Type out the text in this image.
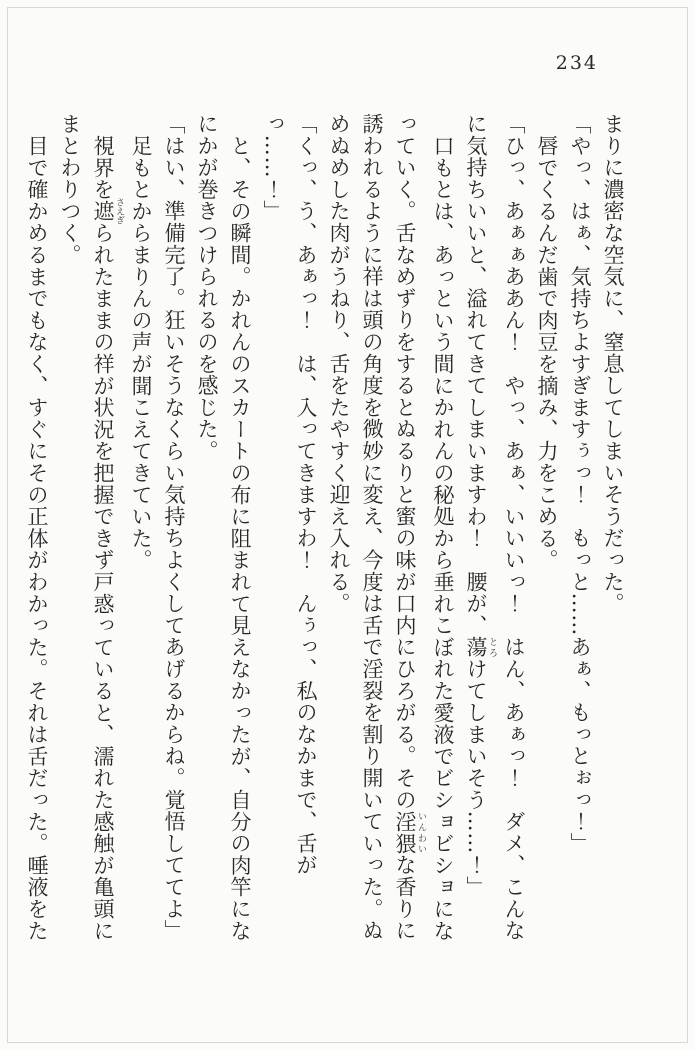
234
まりに濃密な空気に、窒息してしまいそうだった。
「やっ、はぁ、気持ちよすぎますぅっ！　もっと……あぁ、もっとぉっ！」
唇でくるんだ歯で肉豆を摘み、力をこめる。
「ひっ、あぁぁああん！　やっ、あぁ、いいいっ！　はん、あぁっ！　ダメ、こんな
に気持ちいいと、溢れてきてしまいますわ！　腰が、蕩 とろけてしまいそう……！」
口もとは、あっという間にかれんの秘処から垂れこぼれた愛液でビショビショにな
っていく。舌なめずりをするとぬるりと蜜の味が口内にひろがる。その淫猥 いんわいな香りに
誘われるように祥は頭の角度を微妙に変え、今度は舌で淫裂を割り開いていった。ぬ
めぬめした肉がうねり、舌をたやすく迎え入れる。
「くっ、う、あぁっ！　は、入ってきますわ！　んぅっ、私のなかまで、舌がっ……！」
と、その瞬間。かれんのスカートの布に阻まれて見えなかったが、自分の肉竿にな
にかが巻きつけられるのを感じた。
「はい、準備完了。狂いそうなくらい気持ちよくしてあげるからね。覚悟しててよ」
足もとからまりんの声が聞こえてきていた。
視界を遮 さえぎられたままの祥が状況を把握できず戸惑っていると、濡れた感触が亀頭に
まとわりつく。
目で確かめるまでもなく、すぐにその正体がわかった。それは舌だった。唾液をた
